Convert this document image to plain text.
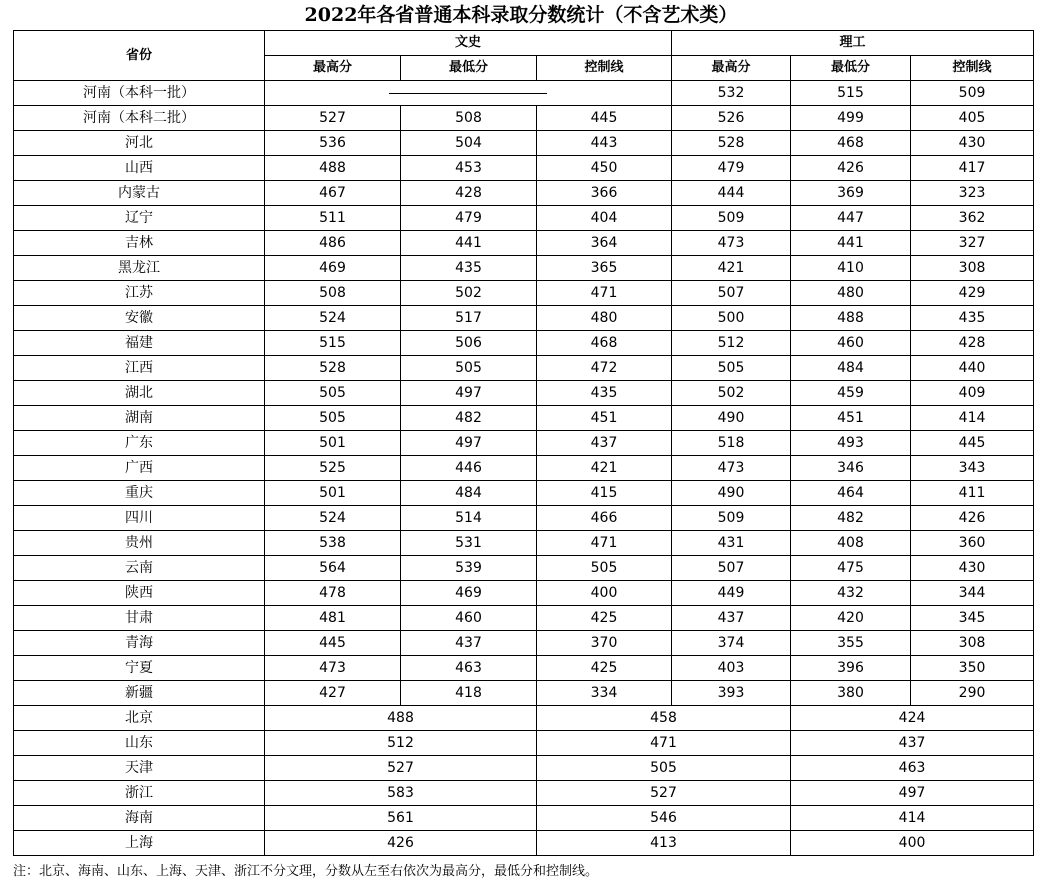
2022年各省普通本科录取分数统计（不含艺术类）
省份	文史			理工		
	最高分	最低分	控制线	最高分	最低分	控制线
河南（本科一批）				532	515	509
河南（本科二批）	527	508	445	526	499	405
河北	536	504	443	528	468	430
山西	488	453	450	479	426	417
内蒙古	467	428	366	444	369	323
辽宁	511	479	404	509	447	362
吉林	486	441	364	473	441	327
黑龙江	469	435	365	421	410	308
江苏	508	502	471	507	480	429
安徽	524	517	480	500	488	435
福建	515	506	468	512	460	428
江西	528	505	472	505	484	440
湖北	505	497	435	502	459	409
湖南	505	482	451	490	451	414
广东	501	497	437	518	493	445
广西	525	446	421	473	346	343
重庆	501	484	415	490	464	411
四川	524	514	466	509	482	426
贵州	538	531	471	431	408	360
云南	564	539	505	507	475	430
陕西	478	469	400	449	432	344
甘肃	481	460	425	437	420	345
青海	445	437	370	374	355	308
宁夏	473	463	425	403	396	350
新疆	427	418	334	393	380	290
北京	488		458		424	
山东	512		471		437	
天津	527		505		463	
浙江	583		527		497	
海南	561		546		414	
上海	426		413		400	
注：北京、海南、山东、上海、天津、浙江不分文理，分数从左至右依次为最高分，最低分和控制线。
